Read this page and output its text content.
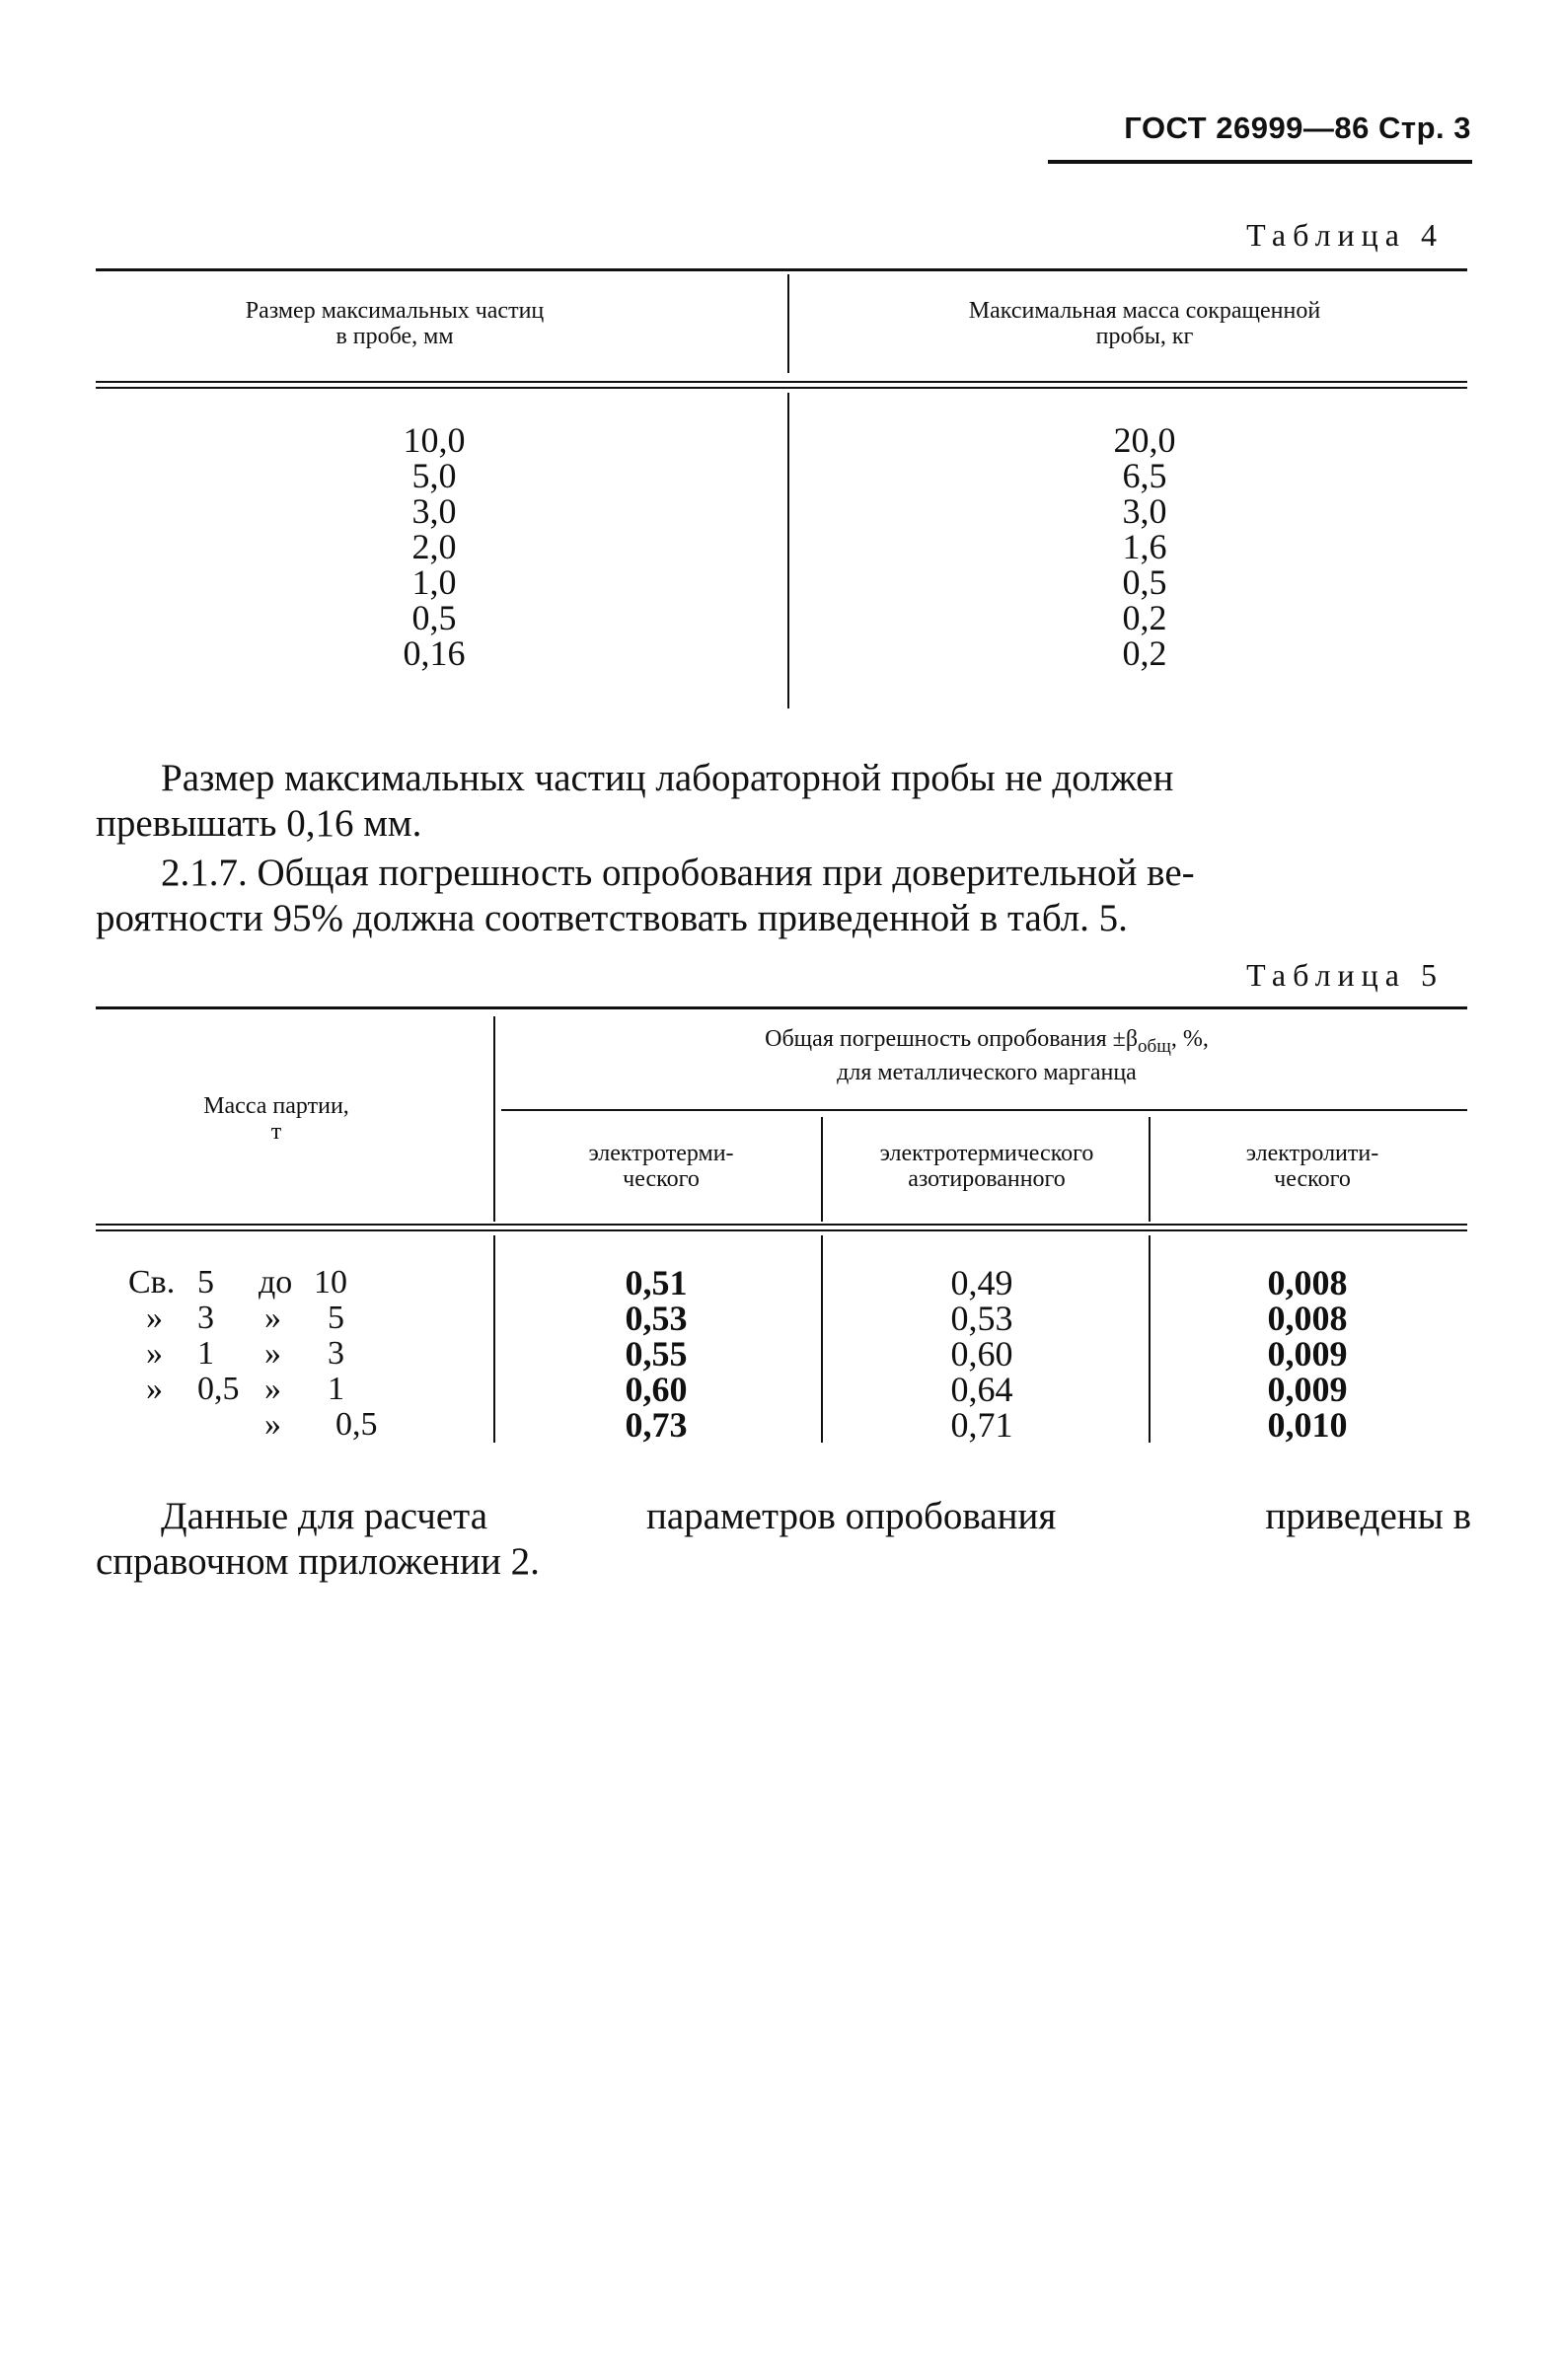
ГОСТ 26999—86 Стр. 3
Таблица 4
Размер максимальных частиц
в пробе, мм
Максимальная масса сокращенной
пробы, кг
10,0
5,0
3,0
2,0
1,0
0,5
0,16
20,0
6,5
3,0
1,6
0,5
0,2
0,2
Размер максимальных частиц лабораторной пробы не должен
превышать 0,16 мм.
2.1.7. Общая погрешность опробования при доверительной ве-
роятности 95% должна соответствовать приведенной в табл. 5.
Таблица 5
Масса партии,
т
Общая погрешность опробования $\pm\beta_{общ}$, %,
для металлического марганца
электротерми-
ческого
электротермического
азотированного
электролити-
ческого
Св. 5 до 10
» 3 » 5
» 1 » 3
» 0,5 » 1
» 0,5
0,51
0,53
0,55
0,60
0,73
0,49
0,53
0,60
0,64
0,71
0,008
0,008
0,009
0,009
0,010
Данные для расчета	параметров опробования	приведены в
справочном приложении 2.
